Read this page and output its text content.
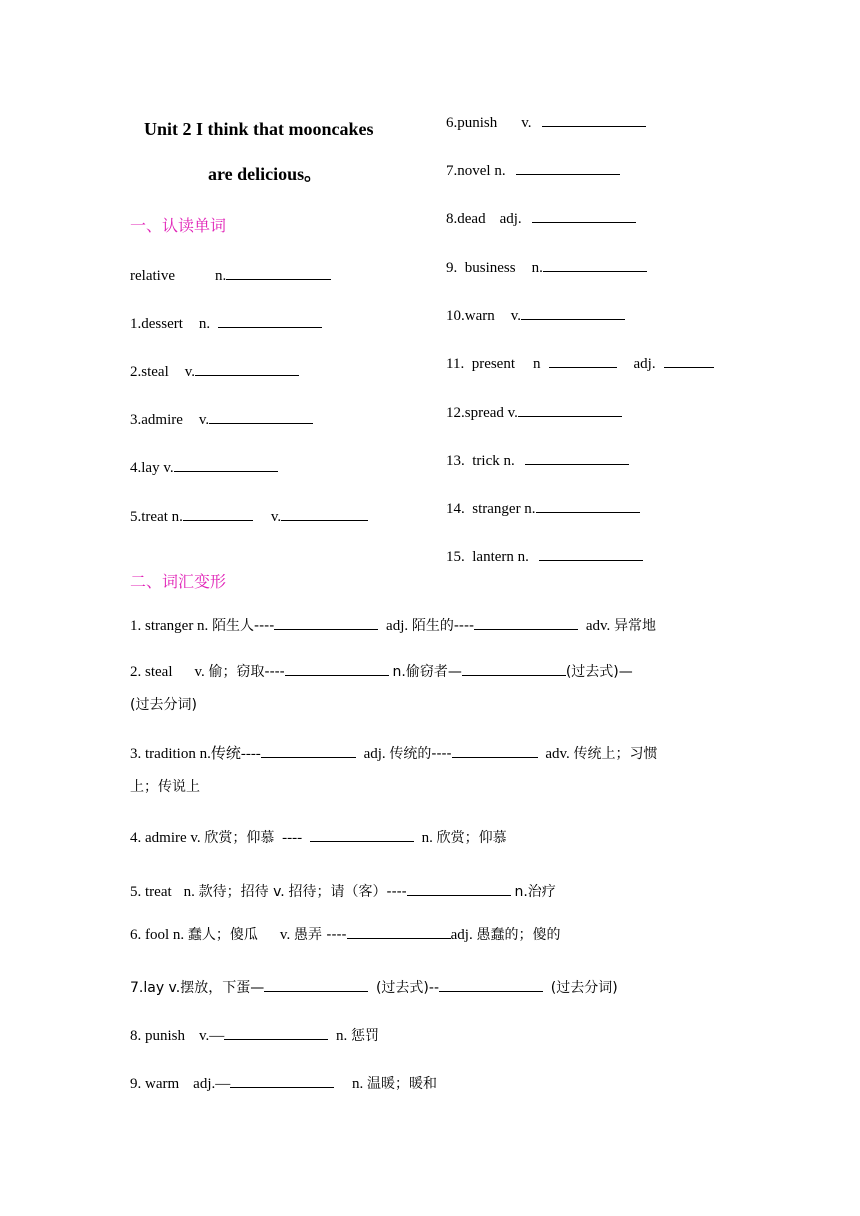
Unit 2 I think that mooncakes
are delicious。
一、认读单词
relative	n.
1.dessert n.
2.steal v.
3.admire v.
4.lay v.
5.treat n.	v.
6.punish v.
7.novel n.
8.dead adj.
9.  business n.
10.warn v.
11.  present n	adj.
12.spread v.
13.  trick n.
14.  stranger n.
15.  lantern n.
二、词汇变形
1. stranger n. 陌生人----	adj. 陌生的----	adv. 异常地
2. steal v. 偷；窃取----	n.偷窃者—	(过去式)—
(过去分词)
3. tradition n.传统----	adj. 传统的----	adv. 传统上；习惯
上；传说上
4. admire v. 欣赏；仰慕 ----	n. 欣赏；仰慕
5. treat n. 款待；招待 v. 招待；请（客）----	n.治疗
6. fool n. 蠢人；傻瓜 v. 愚弄 ----	adj. 愚蠢的；傻的
7.lay v.摆放，下蛋—	(过去式)--	(过去分词)
8. punish v.—	n. 惩罚
9. warm adj.—	n. 温暖；暖和
